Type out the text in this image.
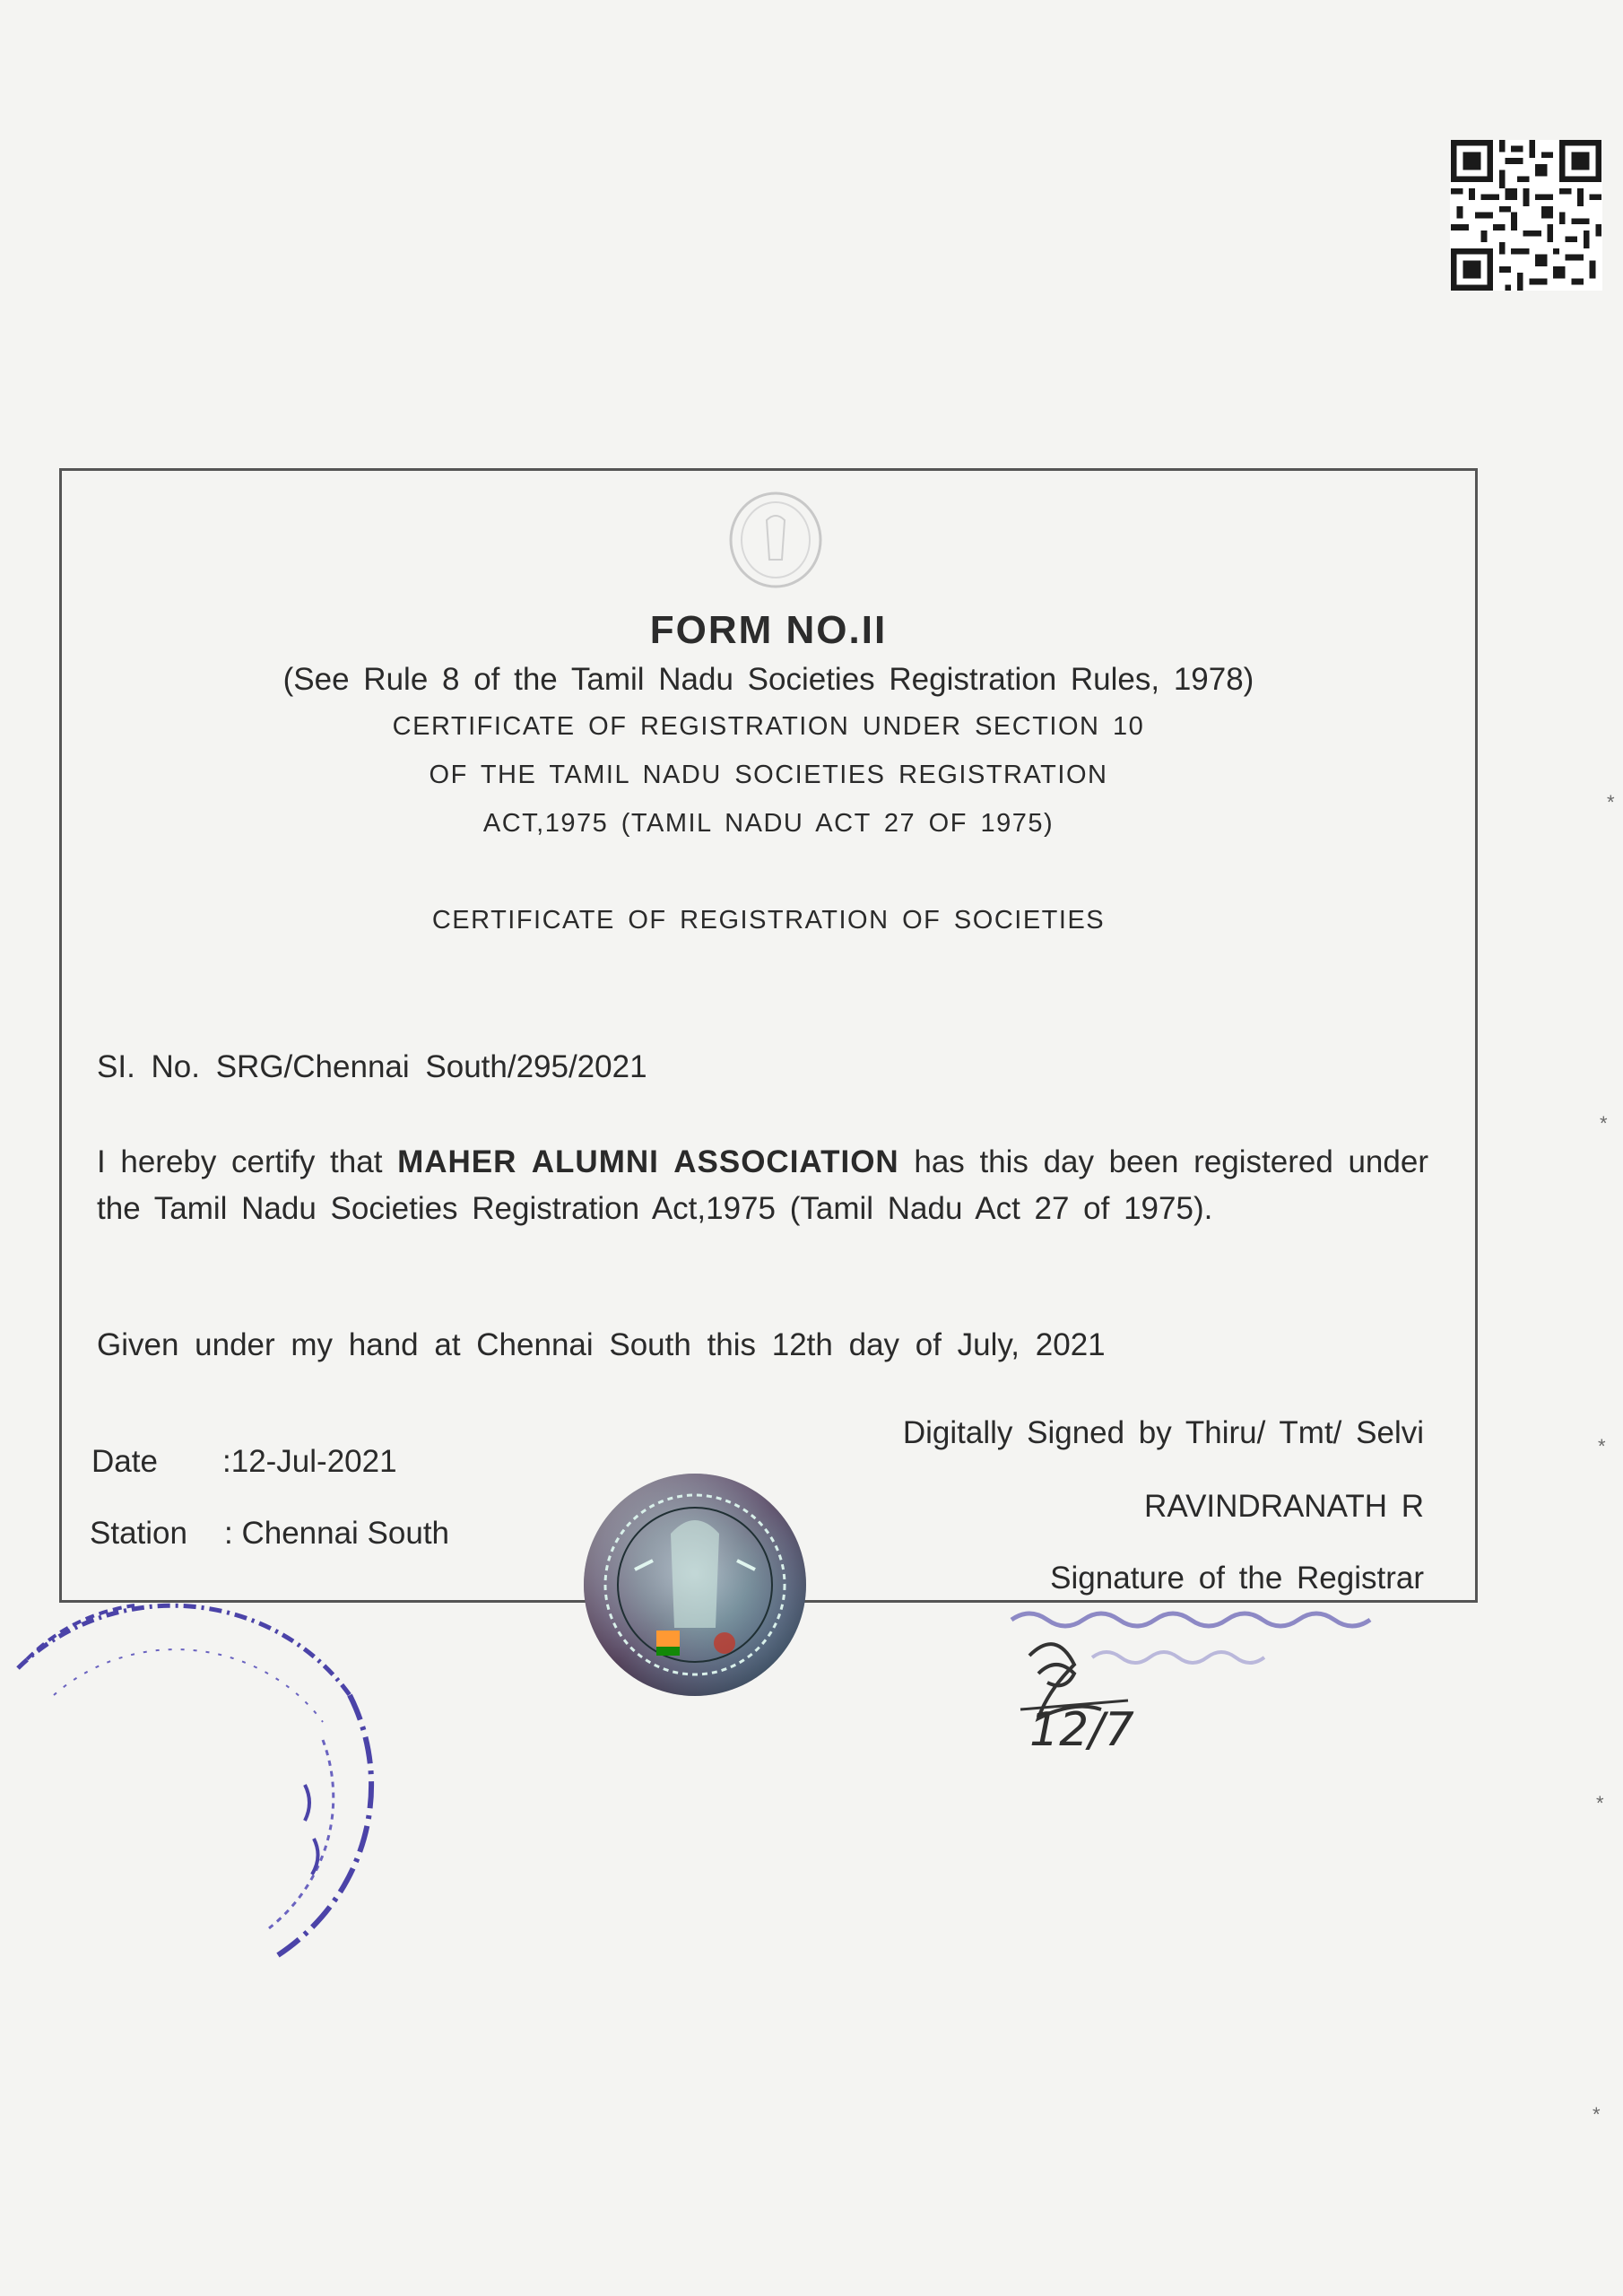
*
*
*
*
*
FORM NO.II
(See Rule 8 of the Tamil Nadu Societies Registration Rules, 1978)
CERTIFICATE OF REGISTRATION UNDER SECTION 10
OF THE TAMIL NADU SOCIETIES REGISTRATION
ACT,1975 (TAMIL NADU ACT 27 OF 1975)
CERTIFICATE OF REGISTRATION OF SOCIETIES
SI. No. SRG/Chennai South/295/2021
I hereby certify that MAHER ALUMNI ASSOCIATION has this day been registered under the Tamil Nadu Societies Registration Act,1975 (Tamil Nadu Act 27 of 1975).
Given under my hand at Chennai South this 12th day of July, 2021
Date :12-Jul-2021
Station : Chennai South
Digitally Signed by Thiru/ Tmt/ Selvi
RAVINDRANATH R
Signature of the Registrar
12/7
